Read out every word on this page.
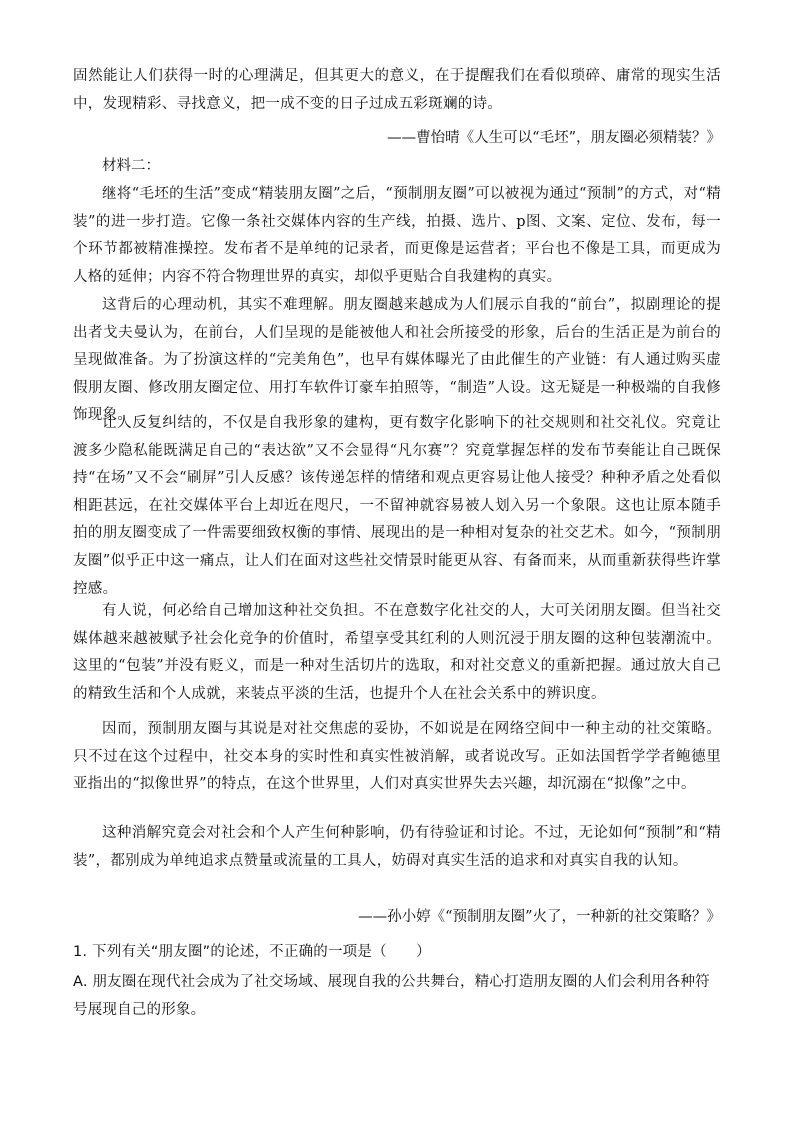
固然能让人们获得一时的心理满足，但其更大的意义，在于提醒我们在看似琐碎、庸常的现实生活中，发现精彩、寻找意义，把一成不变的日子过成五彩斑斓的诗。
——曹怡晴《人生可以“毛坯”，朋友圈必须精装？》
材料二：
继将“毛坯的生活”变成“精装朋友圈”之后，“预制朋友圈”可以被视为通过“预制”的方式，对“精装”的进一步打造。它像一条社交媒体内容的生产线，拍摄、选片、p图、文案、定位、发布，每一个环节都被精准操控。发布者不是单纯的记录者，而更像是运营者；平台也不像是工具，而更成为人格的延伸；内容不符合物理世界的真实，却似乎更贴合自我建构的真实。
这背后的心理动机，其实不难理解。朋友圈越来越成为人们展示自我的“前台”，拟剧理论的提出者戈夫曼认为，在前台，人们呈现的是能被他人和社会所接受的形象，后台的生活正是为前台的呈现做准备。为了扮演这样的“完美角色”，也早有媒体曝光了由此催生的产业链：有人通过购买虚假朋友圈、修改朋友圈定位、用打车软件订豪车拍照等，“制造”人设。这无疑是一种极端的自我修饰现象。
让人反复纠结的，不仅是自我形象的建构，更有数字化影响下的社交规则和社交礼仪。究竟让渡多少隐私能既满足自己的“表达欲”又不会显得“凡尔赛”？究竟掌握怎样的发布节奏能让自己既保持“在场”又不会“刷屏”引人反感？该传递怎样的情绪和观点更容易让他人接受？种种矛盾之处看似相距甚远，在社交媒体平台上却近在咫尺，一不留神就容易被人划入另一个象限。这也让原本随手拍的朋友圈变成了一件需要细致权衡的事情、展现出的是一种相对复杂的社交艺术。如今，“预制朋友圈”似乎正中这一痛点，让人们在面对这些社交情景时能更从容、有备而来，从而重新获得些许掌控感。
有人说，何必给自己增加这种社交负担。不在意数字化社交的人，大可关闭朋友圈。但当社交媒体越来越被赋予社会化竞争的价值时，希望享受其红利的人则沉浸于朋友圈的这种包装潮流中。这里的“包装”并没有贬义，而是一种对生活切片的选取，和对社交意义的重新把握。通过放大自己的精致生活和个人成就，来装点平淡的生活，也提升个人在社会关系中的辨识度。
因而，预制朋友圈与其说是对社交焦虑的妥协，不如说是在网络空间中一种主动的社交策略。只不过在这个过程中，社交本身的实时性和真实性被消解，或者说改写。正如法国哲学学者鲍德里亚指出的“拟像世界”的特点，在这个世界里，人们对真实世界失去兴趣，却沉溺在“拟像”之中。
这种消解究竟会对社会和个人产生何种影响，仍有待验证和讨论。不过，无论如何“预制”和“精装”，都别成为单纯追求点赞量或流量的工具人，妨碍对真实生活的追求和对真实自我的认知。
——孙小婷《“预制朋友圈”火了，一种新的社交策略？》
1. 下列有关“朋友圈”的论述，不正确的一项是（　　）
A. 朋友圈在现代社会成为了社交场域、展现自我的公共舞台，精心打造朋友圈的人们会利用各种符号展现自己的形象。
